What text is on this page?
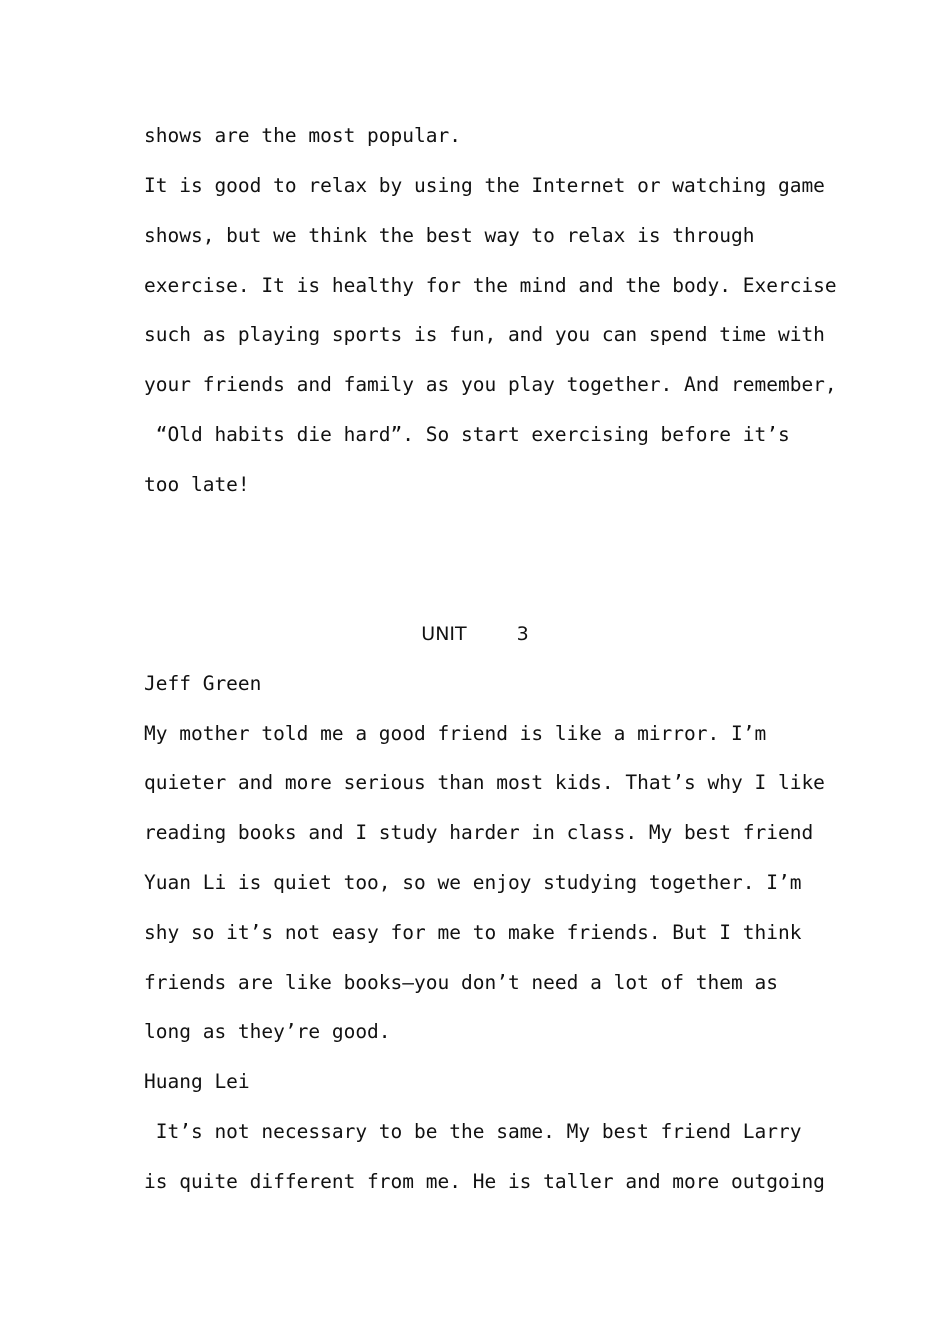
shows are the most popular.
It is good to relax by using the Internet or watching game
shows, but we think the best way to relax is through
exercise. It is healthy for the mind and the body. Exercise
such as playing sports is fun, and you can spend time with
your friends and family as you play together. And remember,
“Old habits die hard”. So start exercising before it’s
too late!
UNIT	3
Jeff Green
My mother told me a good friend is like a mirror. I’m
quieter and more serious than most kids. That’s why I like
reading books and I study harder in class. My best friend
Yuan Li is quiet too, so we enjoy studying together. I’m
shy so it’s not easy for me to make friends. But I think
friends are like books—you don’t need a lot of them as
long as they’re good.
Huang Lei
It’s not necessary to be the same. My best friend Larry
is quite different from me. He is taller and more outgoing
